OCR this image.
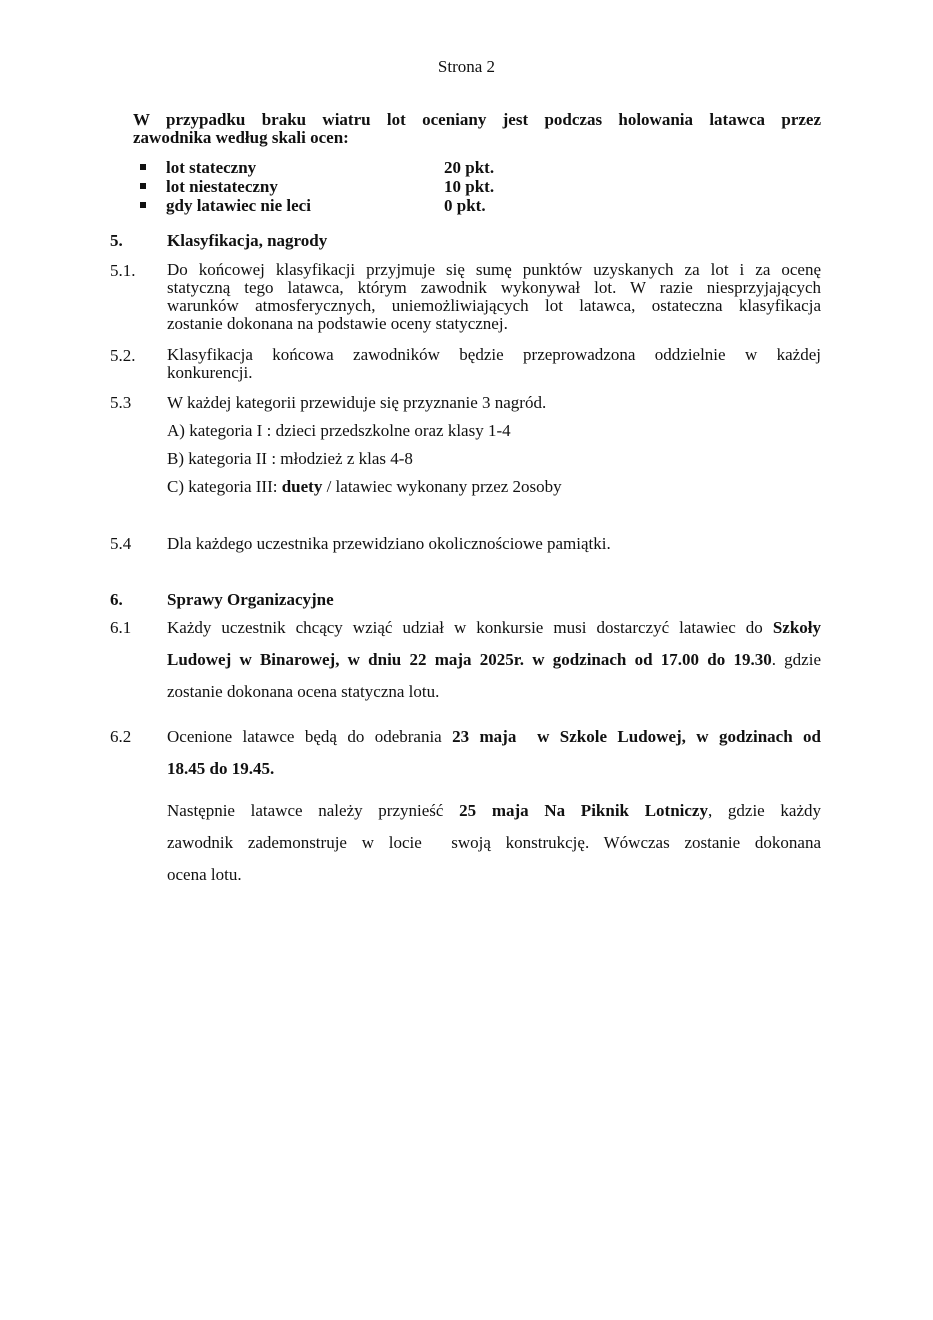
Strona 2
W przypadku braku wiatru lot oceniany jest podczas holowania latawca przez
zawodnika według skali ocen:
lot stateczny	20 pkt.
lot niestateczny	10 pkt.
gdy latawiec nie leci	0 pkt.
5.	Klasyfikacja, nagrody
5.1.	Do końcowej klasyfikacji przyjmuje się sumę punktów uzyskanych za lot i za ocenę
statyczną tego latawca, którym zawodnik wykonywał lot. W razie niesprzyjających
warunków atmosferycznych, uniemożliwiających lot latawca, ostateczna klasyfikacja
zostanie dokonana na podstawie oceny statycznej.
5.2.	Klasyfikacja końcowa zawodników będzie przeprowadzona oddzielnie w każdej
konkurencji.
5.3	W każdej kategorii przewiduje się przyznanie 3 nagród.
A) kategoria I : dzieci przedszkolne oraz klasy 1-4
B) kategoria II : młodzież z klas 4-8
C) kategoria III: duety / latawiec wykonany przez 2osoby
5.4	Dla każdego uczestnika przewidziano okolicznościowe pamiątki.
6.	Sprawy Organizacyjne
6.1	Każdy uczestnik chcący wziąć udział w konkursie musi dostarczyć latawiec do Szkoły
Ludowej w Binarowej, w dniu 22 maja 2025r. w godzinach od 17.00 do 19.30. gdzie
zostanie dokonana ocena statyczna lotu.
6.2	Ocenione latawce będą do odebrania 23 maja w Szkole Ludowej, w godzinach od
18.45 do 19.45.
Następnie latawce należy przynieść 25 maja Na Piknik Lotniczy, gdzie każdy
zawodnik zademonstruje w locie  swoją konstrukcję. Wówczas zostanie dokonana
ocena lotu.
